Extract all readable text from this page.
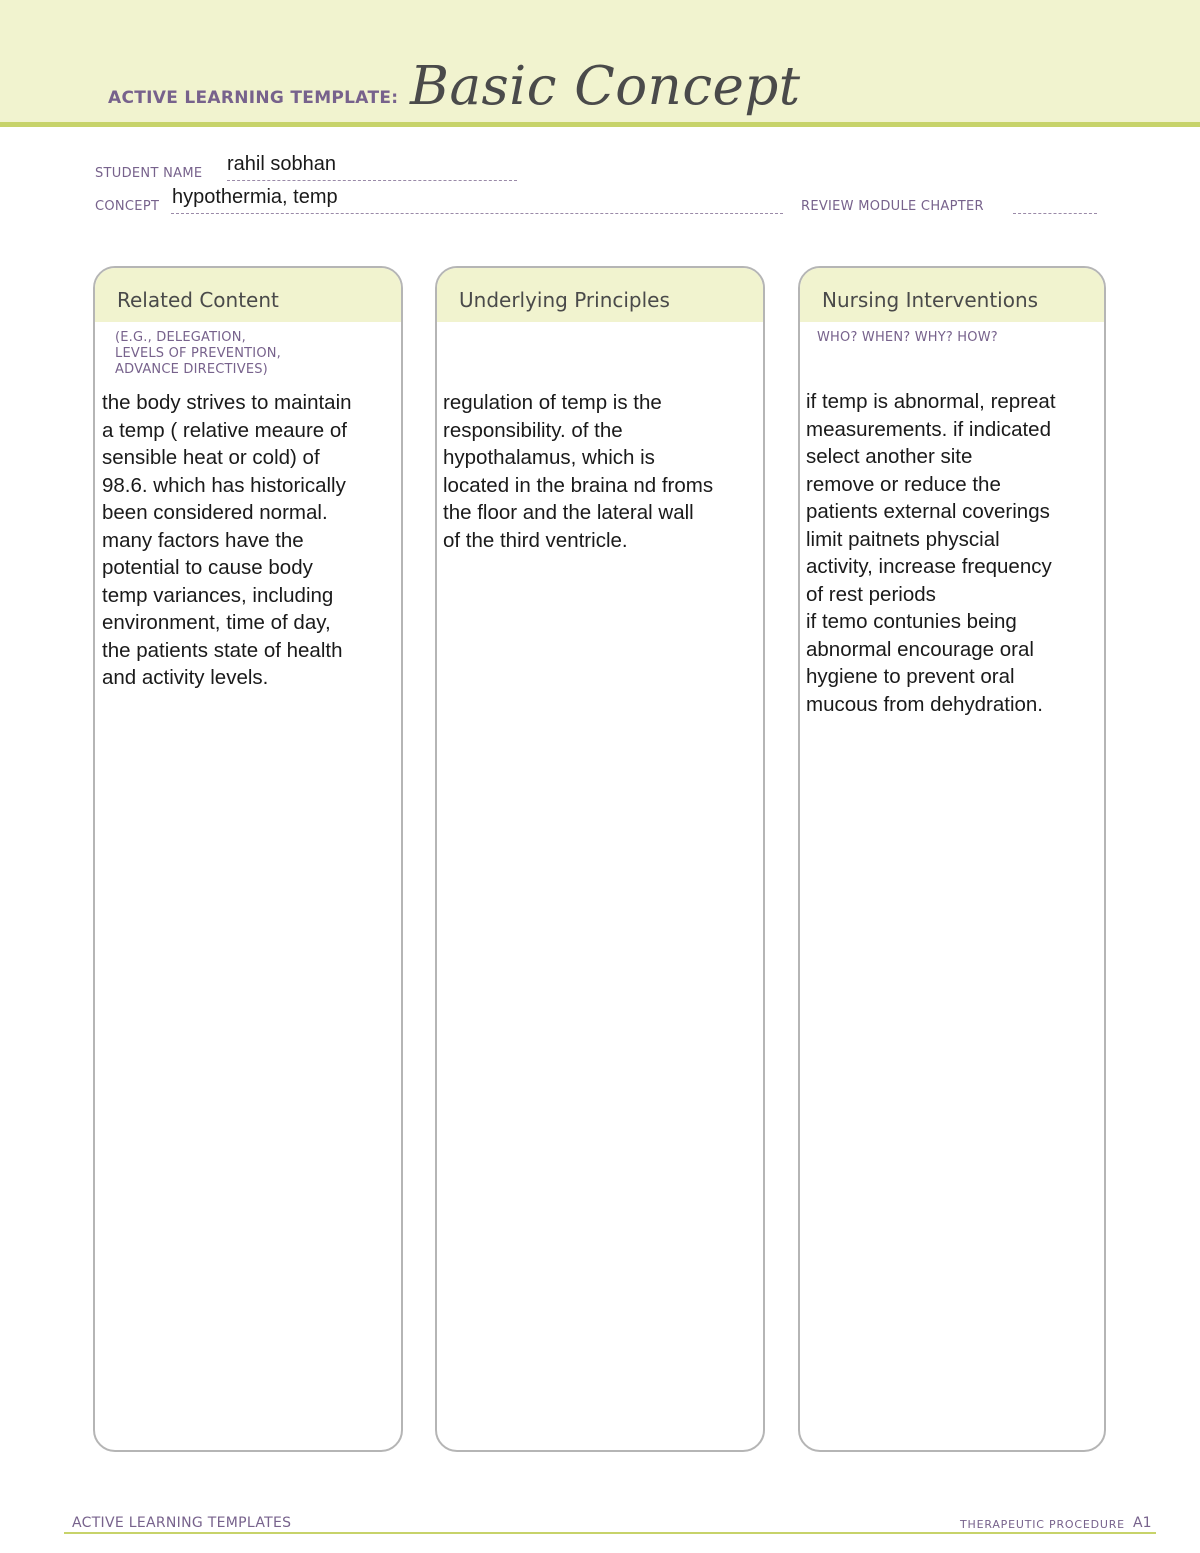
ACTIVE LEARNING TEMPLATE: Basic Concept
STUDENT NAME rahil sobhan
CONCEPT hypothermia, temp	REVIEW MODULE CHAPTER
Related Content
(E.G., DELEGATION,
LEVELS OF PREVENTION,
ADVANCE DIRECTIVES)
the body strives to maintain
a temp ( relative meaure of
sensible heat or cold) of
98.6. which has historically
been considered normal.
many factors have the
potential to cause body
temp variances, including
environment, time of day,
the patients state of health
and activity levels.
Underlying Principles
regulation of temp is the
responsibility. of the
hypothalamus, which is
located in the braina nd froms
the floor and the lateral wall
of the third ventricle.
Nursing Interventions
WHO? WHEN? WHY? HOW?
if temp is abnormal, repreat
measurements. if indicated
select another site
remove or reduce the
patients external coverings
limit paitnets physcial
activity, increase frequency
of rest periods
if temo contunies being
abnormal encourage oral
hygiene to prevent oral
mucous from dehydration.
ACTIVE LEARNING TEMPLATES	THERAPEUTIC PROCEDURE A1
